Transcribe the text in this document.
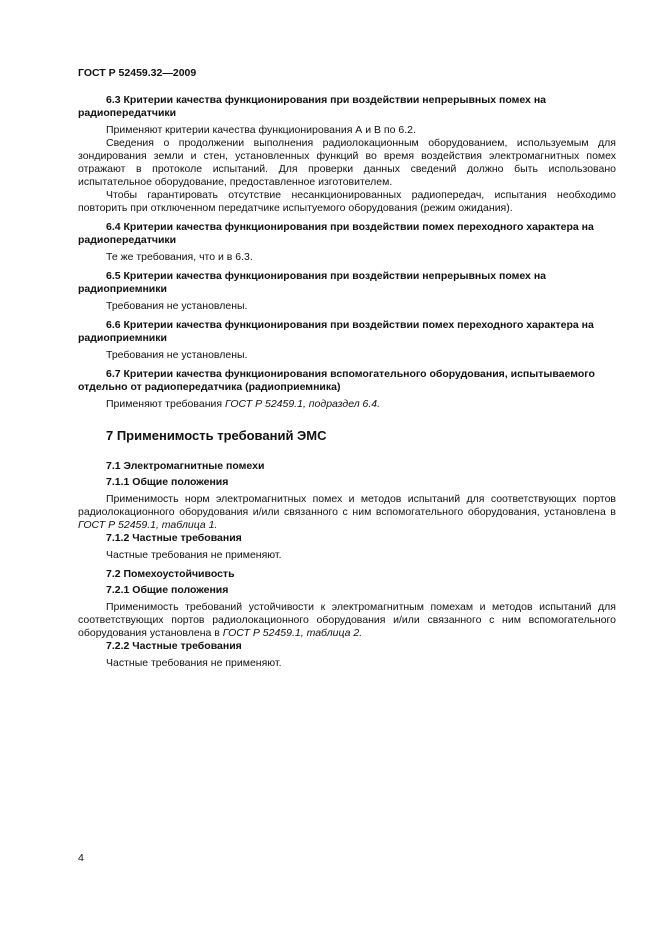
ГОСТ Р 52459.32—2009

6.3 Критерии качества функционирования при воздействии непрерывных помех на радиопередатчики

Применяют критерии качества функционирования А и В по 6.2.

Сведения о продолжении выполнения радиолокационным оборудованием, используемым для зондирования земли и стен, установленных функций во время воздействия электромагнитных помех отражают в протоколе испытаний. Для проверки данных сведений должно быть использовано испытательное оборудование, предоставленное изготовителем.

Чтобы гарантировать отсутствие несанкционированных радиопередач, испытания необходимо повторить при отключенном передатчике испытуемого оборудования (режим ожидания).

6.4 Критерии качества функционирования при воздействии помех переходного характера на радиопередатчики

Те же требования, что и в 6.3.

6.5 Критерии качества функционирования при воздействии непрерывных помех на радиоприемники

Требования не установлены.

6.6 Критерии качества функционирования при воздействии помех переходного характера на радиоприемники

Требования не установлены.

6.7 Критерии качества функционирования вспомогательного оборудования, испытываемого отдельно от радиопередатчика (радиоприемника)

Применяют требования ГОСТ Р 52459.1, подраздел 6.4.

7 Применимость требований ЭМС

7.1 Электромагнитные помехи

7.1.1 Общие положения

Применимость норм электромагнитных помех и методов испытаний для соответствующих портов радиолокационного оборудования и/или связанного с ним вспомогательного оборудования, установлена в ГОСТ Р 52459.1, таблица 1.

7.1.2 Частные требования

Частные требования не применяют.

7.2 Помехоустойчивость

7.2.1 Общие положения

Применимость требований устойчивости к электромагнитным помехам и методов испытаний для соответствующих портов радиолокационного оборудования и/или связанного с ним вспомогательного оборудования установлена в ГОСТ Р 52459.1, таблица 2.

7.2.2 Частные требования

Частные требования не применяют.

4
